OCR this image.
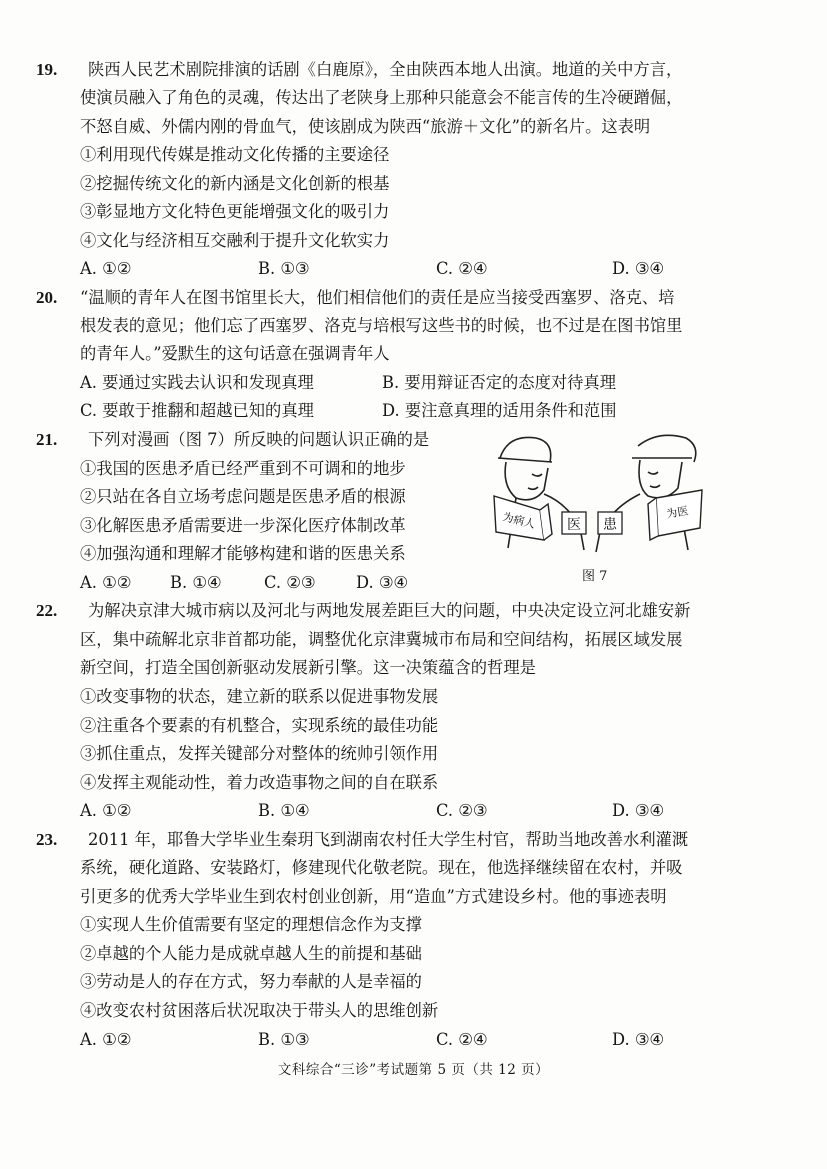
19. 陕西人民艺术剧院排演的话剧《白鹿原》，全由陕西本地人出演。地道的关中方言，
使演员融入了角色的灵魂，传达出了老陕身上那种只能意会不能言传的生冷硬蹭倔，
不怒自威、外儒内刚的骨血气，使该剧成为陕西“旅游＋文化”的新名片。这表明
①利用现代传媒是推动文化传播的主要途径
②挖掘传统文化的新内涵是文化创新的根基
③彰显地方文化特色更能增强文化的吸引力
④文化与经济相互交融利于提升文化软实力
A. ①②	B. ①③	C. ②④	D. ③④
20. “温顺的青年人在图书馆里长大，他们相信他们的责任是应当接受西塞罗、洛克、培
根发表的意见；他们忘了西塞罗、洛克与培根写这些书的时候，也不过是在图书馆里
的青年人。”爱默生的这句话意在强调青年人
A. 要通过实践去认识和发现真理	B. 要用辩证否定的态度对待真理
C. 要敢于推翻和超越已知的真理	D. 要注意真理的适用条件和范围
21. 下列对漫画（图 7）所反映的问题认识正确的是
①我国的医患矛盾已经严重到不可调和的地步
②只站在各自立场考虑问题是医患矛盾的根源
③化解医患矛盾需要进一步深化医疗体制改革
④加强沟通和理解才能够构建和谐的医患关系
A. ①② B. ①④	C. ②③ D. ③④
医 患
为病人	为医
图 7
22. 为解决京津大城市病以及河北与两地发展差距巨大的问题，中央决定设立河北雄安新
区，集中疏解北京非首都功能，调整优化京津冀城市布局和空间结构，拓展区域发展
新空间，打造全国创新驱动发展新引擎。这一决策蕴含的哲理是
①改变事物的状态，建立新的联系以促进事物发展
②注重各个要素的有机整合，实现系统的最佳功能
③抓住重点，发挥关键部分对整体的统帅引领作用
④发挥主观能动性，着力改造事物之间的自在联系
A. ①②	B. ①④	C. ②③	D. ③④
23. 2011 年，耶鲁大学毕业生秦玥飞到湖南农村任大学生村官，帮助当地改善水利灌溉
系统，硬化道路、安装路灯，修建现代化敬老院。现在，他选择继续留在农村，并吸
引更多的优秀大学毕业生到农村创业创新，用“造血”方式建设乡村。他的事迹表明
①实现人生价值需要有坚定的理想信念作为支撑
②卓越的个人能力是成就卓越人生的前提和基础
③劳动是人的存在方式，努力奉献的人是幸福的
④改变农村贫困落后状况取决于带头人的思维创新
A. ①②	B. ①③	C. ②④	D. ③④
文科综合“三诊”考试题第 5 页（共 12 页）
